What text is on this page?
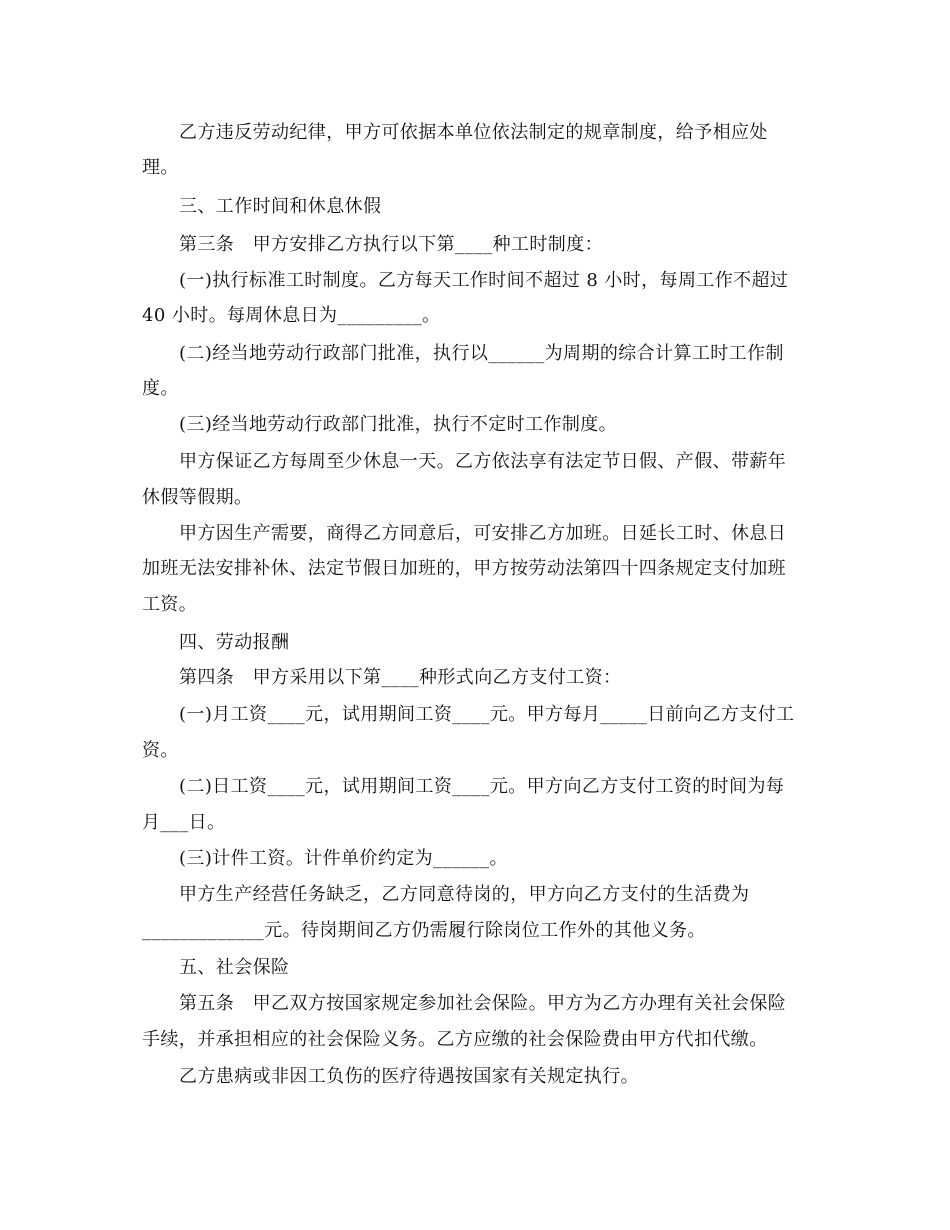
乙方违反劳动纪律，甲方可依据本单位依法制定的规章制度，给予相应处
理。
三、工作时间和休息休假
第三条　甲方安排乙方执行以下第____种工时制度：
(一)执行标准工时制度。乙方每天工作时间不超过 8 小时，每周工作不超过
40 小时。每周休息日为_________。
(二)经当地劳动行政部门批准，执行以______为周期的综合计算工时工作制
度。
(三)经当地劳动行政部门批准，执行不定时工作制度。
甲方保证乙方每周至少休息一天。乙方依法享有法定节日假、产假、带薪年
休假等假期。
甲方因生产需要，商得乙方同意后，可安排乙方加班。日延长工时、休息日
加班无法安排补休、法定节假日加班的，甲方按劳动法第四十四条规定支付加班
工资。
四、劳动报酬
第四条　甲方采用以下第____种形式向乙方支付工资：
(一)月工资____元，试用期间工资____元。甲方每月_____日前向乙方支付工
资。
(二)日工资____元，试用期间工资____元。甲方向乙方支付工资的时间为每
月___日。
(三)计件工资。计件单价约定为______。
甲方生产经营任务缺乏，乙方同意待岗的，甲方向乙方支付的生活费为
_____________元。待岗期间乙方仍需履行除岗位工作外的其他义务。
五、社会保险
第五条　甲乙双方按国家规定参加社会保险。甲方为乙方办理有关社会保险
手续，并承担相应的社会保险义务。乙方应缴的社会保险费由甲方代扣代缴。
乙方患病或非因工负伤的医疗待遇按国家有关规定执行。
